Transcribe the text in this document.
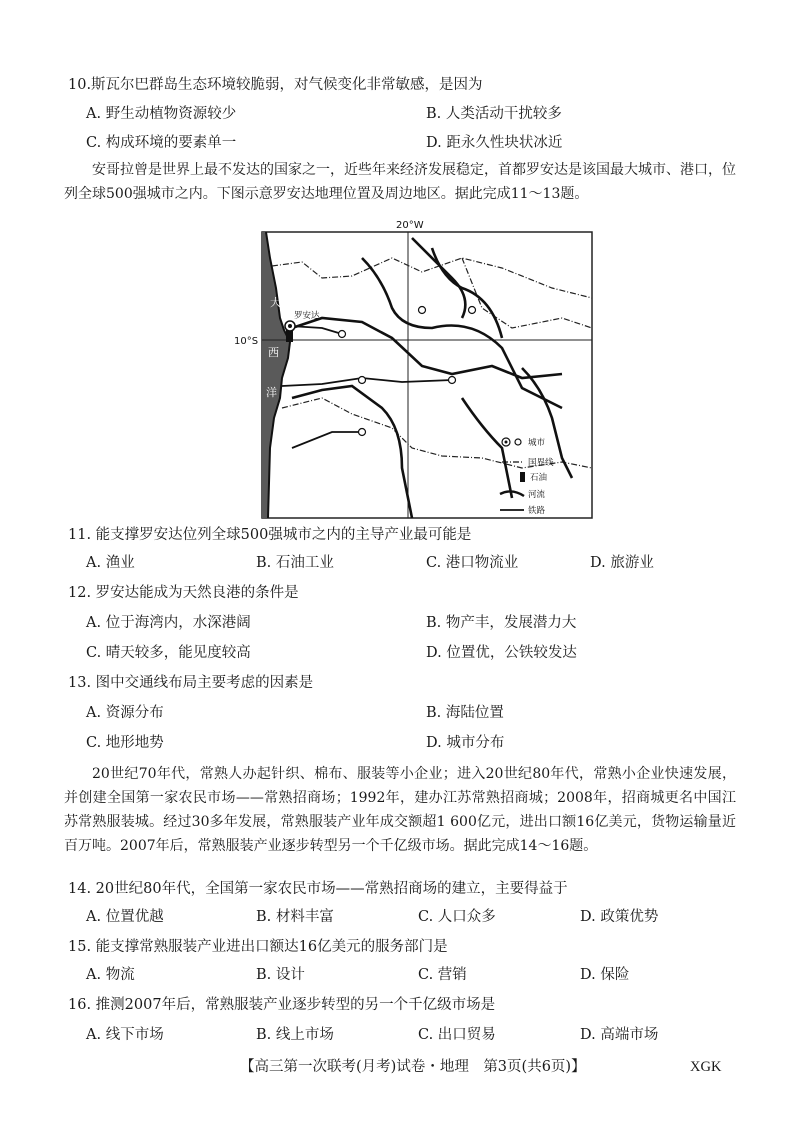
10.斯瓦尔巴群岛生态环境较脆弱，对气候变化非常敏感，是因为
A. 野生动植物资源较少	B. 人类活动干扰较多
C. 构成环境的要素单一	D. 距永久性块状冰近
安哥拉曾是世界上最不发达的国家之一，近些年来经济发展稳定，首都罗安达是该国最大城市、港口，位列全球500强城市之内。下图示意罗安达地理位置及周边地区。据此完成11～13题。
20°W
10°S
大
西
洋
罗安达
城市
国界线
石油
河流
铁路
11. 能支撑罗安达位列全球500强城市之内的主导产业最可能是
A. 渔业	B. 石油工业	C. 港口物流业	D. 旅游业
12. 罗安达能成为天然良港的条件是
A. 位于海湾内，水深港阔	B. 物产丰，发展潜力大
C. 晴天较多，能见度较高	D. 位置优，公铁较发达
13. 图中交通线布局主要考虑的因素是
A. 资源分布	B. 海陆位置
C. 地形地势	D. 城市分布
20世纪70年代，常熟人办起针织、棉布、服装等小企业；进入20世纪80年代，常熟小企业快速发展，并创建全国第一家农民市场——常熟招商场；1992年，建办江苏常熟招商城；2008年，招商城更名中国江苏常熟服装城。经过30多年发展，常熟服装产业年成交额超1 600亿元，进出口额16亿美元，货物运输量近百万吨。2007年后，常熟服装产业逐步转型另一个千亿级市场。据此完成14～16题。
14. 20世纪80年代，全国第一家农民市场——常熟招商场的建立，主要得益于
A. 位置优越	B. 材料丰富	C. 人口众多	D. 政策优势
15. 能支撑常熟服装产业进出口额达16亿美元的服务部门是
A. 物流	B. 设计	C. 营销	D. 保险
16. 推测2007年后，常熟服装产业逐步转型的另一个千亿级市场是
A. 线下市场	B. 线上市场	C. 出口贸易	D. 高端市场
【高三第一次联考(月考)试卷・地理　第3页(共6页)】	XGK
